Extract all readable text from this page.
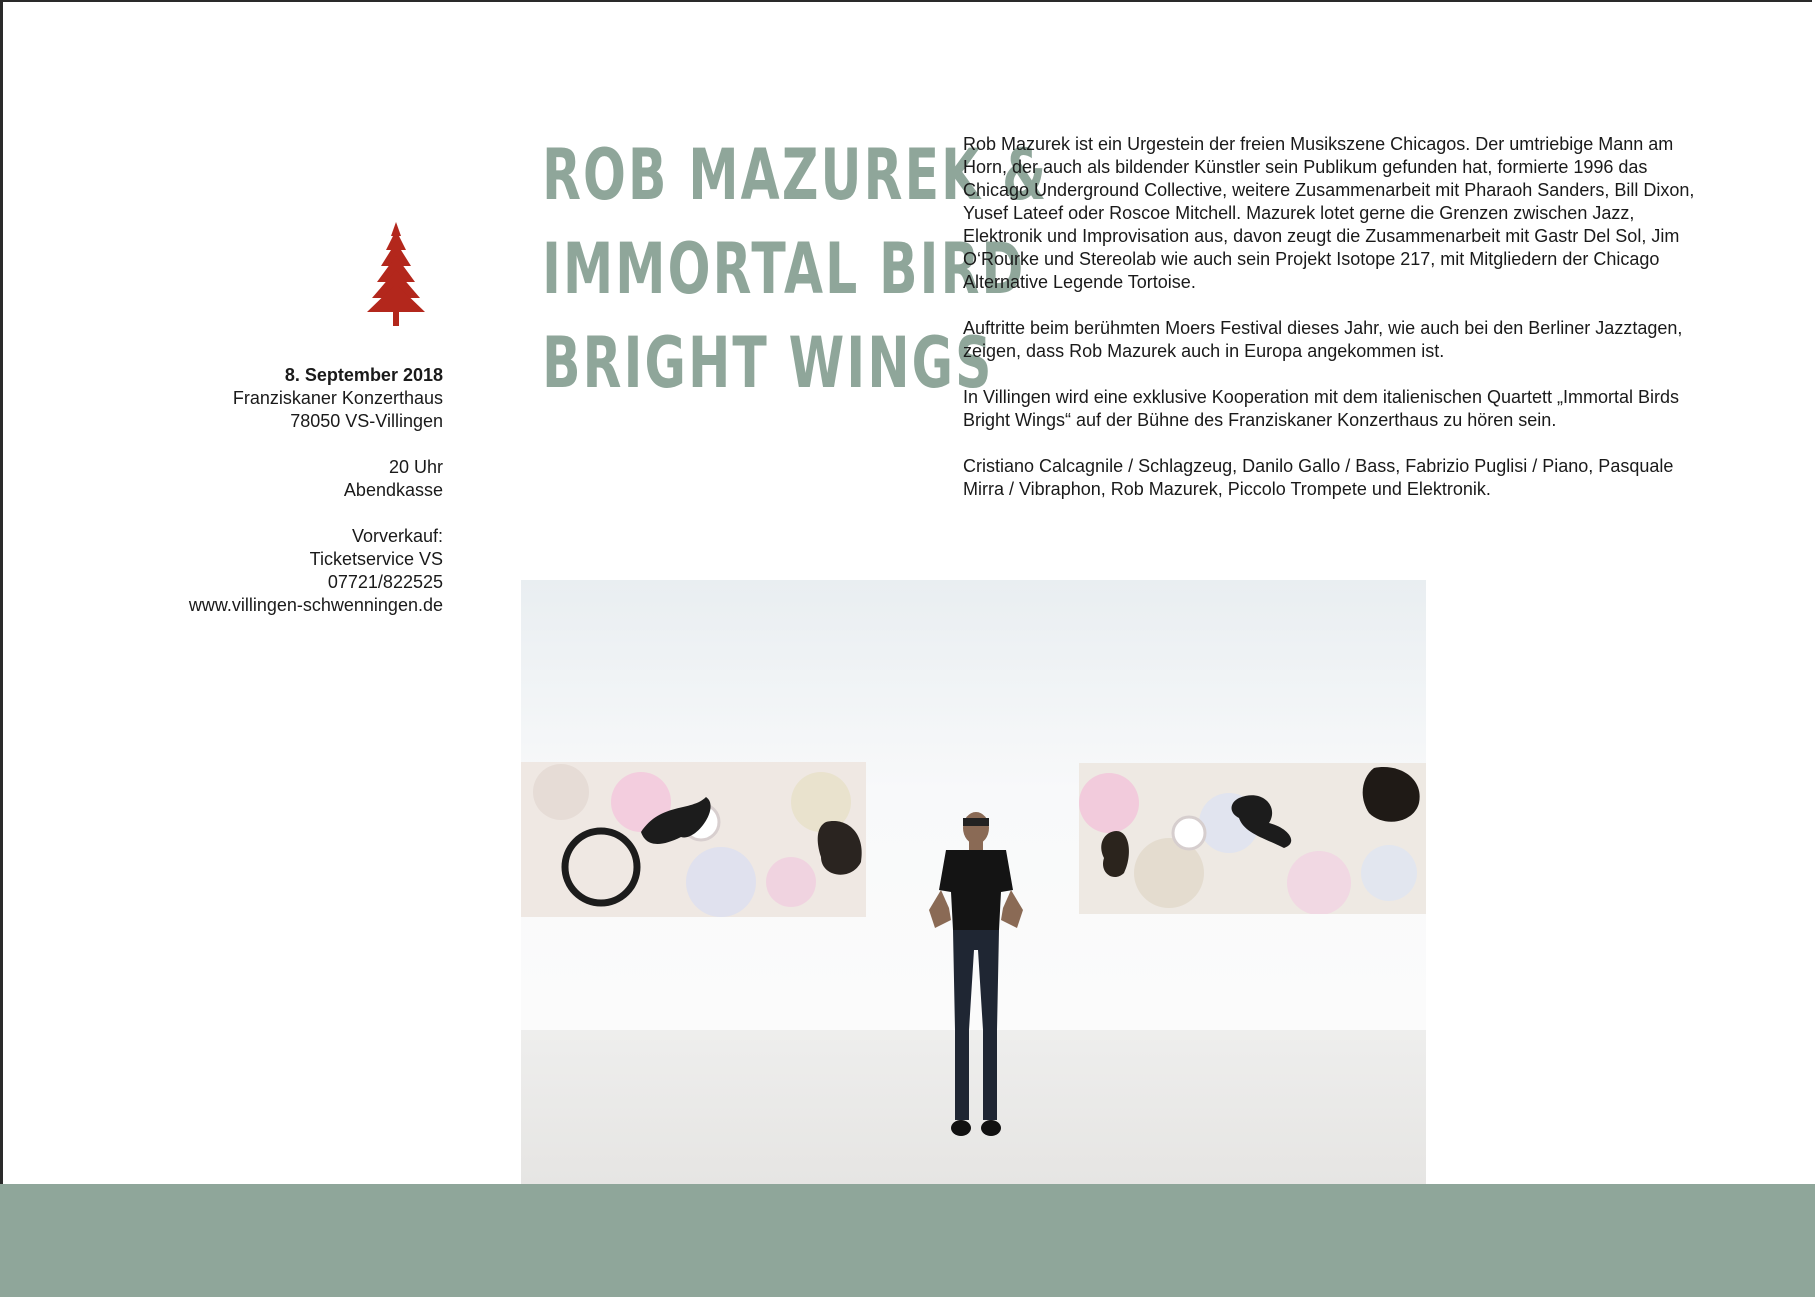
ROB MAZUREK &
IMMORTAL BIRD
BRIGHT WINGS
8. September 2018
Franziskaner Konzerthaus
78050 VS-Villingen
20 Uhr
Abendkasse
Vorverkauf:
Ticketservice VS
07721/822525
www.villingen-schwenningen.de

Rob Mazurek ist ein Urgestein der freien Musikszene Chicagos. Der umtriebige Mann am Horn, der auch als bildender Künstler sein Publikum gefunden hat, formierte 1996 das Chicago Underground Collective, weitere Zusammenarbeit mit Pharaoh Sanders, Bill Dixon, Yusef Lateef oder Roscoe Mitchell. Mazurek lotet gerne die Grenzen zwischen Jazz, Elektronik und Improvisation aus, davon zeugt die Zusammenarbeit mit Gastr Del Sol, Jim O‘Rourke und Stereolab wie auch sein Projekt Isotope 217, mit Mitgliedern der Chicago Alternative Legende Tortoise.

Auftritte beim berühmten Moers Festival dieses Jahr, wie auch bei den Berliner Jazztagen, zeigen, dass Rob Mazurek auch in Europa angekommen ist.

In Villingen wird eine exklusive Kooperation mit dem italienischen Quartett „Immortal Birds Bright Wings“ auf der Bühne des Franziskaner Konzerthaus zu hören sein.

Cristiano Calcagnile / Schlagzeug, Danilo Gallo / Bass, Fabrizio Puglisi / Piano, Pasquale Mirra / Vibraphon, Rob Mazurek, Piccolo Trompete und Elektronik.
